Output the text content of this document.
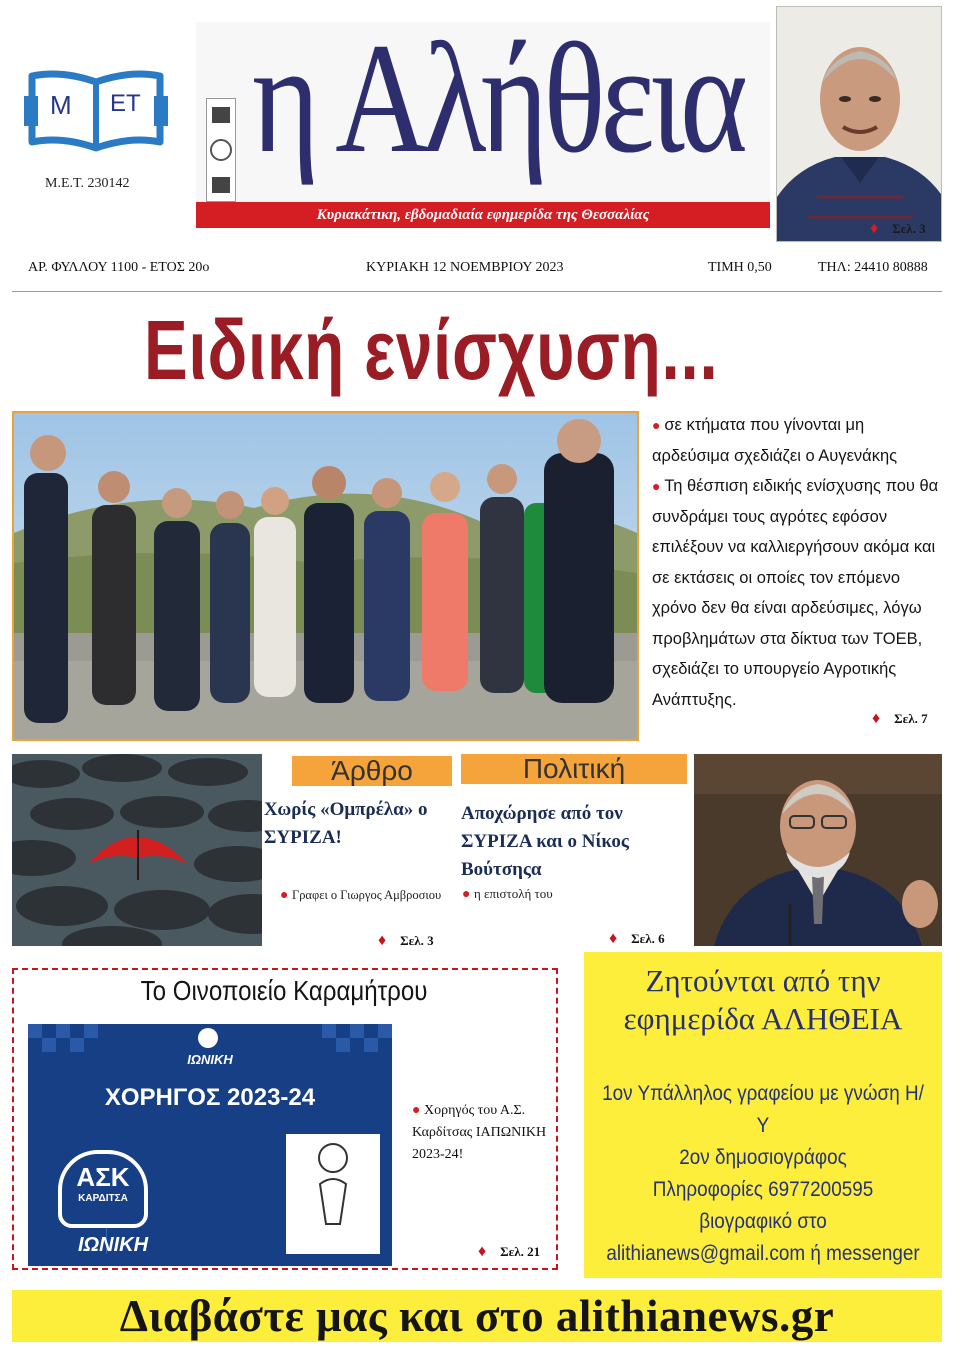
Μ ΕΤ
Μ.Ε.Τ. 230142 η Αλήθεια
Κυριακάτικη, εβδομαδιαία εφημερίδα της Θεσσαλίας
♦ Σελ. 3
ΑΡ. ΦΥΛΛΟΥ 1100 - ΕΤΟΣ 20ο	ΚΥΡΙΑΚΗ 12 ΝΟΕΜΒΡΙΟΥ 2023	ΤΙΜΗ 0,50	ΤΗΛ: 24410 80888
Ειδική ενίσχυση...

● σε κτήματα που γίνονται μη αρδεύσιμα σχεδιάζει ο Αυγενάκης

● Τη θέσπιση ειδικής ενίσχυσης που θα συνδράμει τους αγρότες εφόσον επιλέξουν να καλλιεργήσουν ακόμα και σε εκτάσεις οι οποίες τον επόμενο χρόνο δεν θα είναι αρδεύσιμες, λόγω προβλημάτων στα δίκτυα των ΤΟΕΒ, σχεδιάζει το υπουργείο Αγροτικής Ανάπτυξης.

♦ Σελ. 7
Άρθρο
Χωρίς «Ομπρέλα» ο ΣΥΡΙΖΑ!
● Γραφει ο Γιωργος Αμβροσιου
♦ Σελ. 3
Πολιτική
Αποχώρησε από τον ΣΥΡΙΖΑ και ο Νίκος Βούτσηςα
● η επιστολή του
♦ Σελ. 6
Το Οινοποιείο Καραμήτρου
ΙΩΝΙΚΗ
ΧΟΡΗΓΟΣ 2023-24
ΑΣΚ
ΚΑΡΔΙΤΣΑ
ΙΩΝΙΚΗ
● Χορηγός του Α.Σ. Καρδίτσας ΙΑΠΩΝΙΚΗ 2023-24!
♦ Σελ. 21
Ζητούνται από την εφημερίδα ΑΛΗΘΕΙΑ
1ον Υπάλληλος γραφείου με γνώση Η/Υ
2ον δημοσιογράφος
Πληροφορίες 6977200595
βιογραφικό στο
alithianews@gmail.com ή messenger
Διαβάστε μας και στο alithianews.gr
